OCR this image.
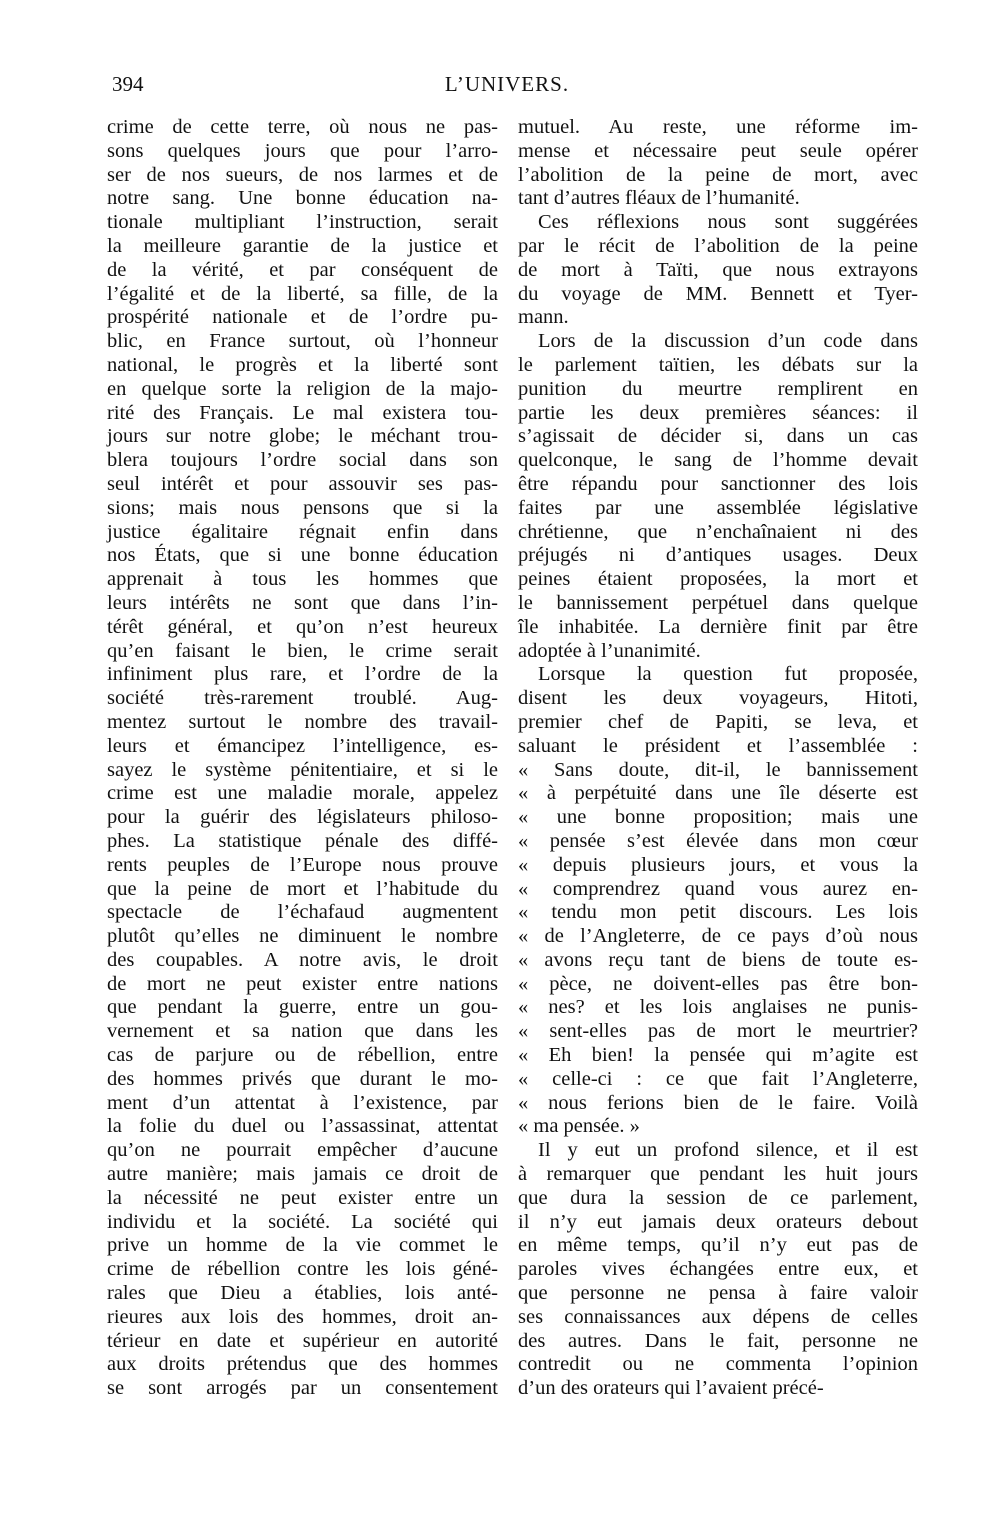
394	L’UNIVERS.
crime de cette terre, où nous ne pas-
sons quelques jours que pour l’arro-
ser de nos sueurs, de nos larmes et de
notre sang. Une bonne éducation na-
tionale multipliant l’instruction, serait
la meilleure garantie de la justice et
de la vérité, et par conséquent de
l’égalité et de la liberté, sa fille, de la
prospérité nationale et de l’ordre pu-
blic, en France surtout, où l’honneur
national, le progrès et la liberté sont
en quelque sorte la religion de la majo-
rité des Français. Le mal existera tou-
jours sur notre globe; le méchant trou-
blera toujours l’ordre social dans son
seul intérêt et pour assouvir ses pas-
sions; mais nous pensons que si la
justice égalitaire régnait enfin dans
nos États, que si une bonne éducation
apprenait à tous les hommes que
leurs intérêts ne sont que dans l’in-
térêt général, et qu’on n’est heureux
qu’en faisant le bien, le crime serait
infiniment plus rare, et l’ordre de la
société très-rarement troublé. Aug-
mentez surtout le nombre des travail-
leurs et émancipez l’intelligence, es-
sayez le système pénitentiaire, et si le
crime est une maladie morale, appelez
pour la guérir des législateurs philoso-
phes. La statistique pénale des diffé-
rents peuples de l’Europe nous prouve
que la peine de mort et l’habitude du
spectacle de l’échafaud augmentent
plutôt qu’elles ne diminuent le nombre
des coupables. A notre avis, le droit
de mort ne peut exister entre nations
que pendant la guerre, entre un gou-
vernement et sa nation que dans les
cas de parjure ou de rébellion, entre
des hommes privés que durant le mo-
ment d’un attentat à l’existence, par
la folie du duel ou l’assassinat, attentat
qu’on ne pourrait empêcher d’aucune
autre manière; mais jamais ce droit de
la nécessité ne peut exister entre un
individu et la société. La société qui
prive un homme de la vie commet le
crime de rébellion contre les lois géné-
rales que Dieu a établies, lois anté-
rieures aux lois des hommes, droit an-
térieur en date et supérieur en autorité
aux droits prétendus que des hommes
se sont arrogés par un consentement
mutuel. Au reste, une réforme im-
mense et nécessaire peut seule opérer
l’abolition de la peine de mort, avec
tant d’autres fléaux de l’humanité.
Ces réflexions nous sont suggérées
par le récit de l’abolition de la peine
de mort à Taïti, que nous extrayons
du voyage de MM. Bennett et Tyer-
mann.
Lors de la discussion d’un code dans
le parlement taïtien, les débats sur la
punition du meurtre remplirent en
partie les deux premières séances: il
s’agissait de décider si, dans un cas
quelconque, le sang de l’homme devait
être répandu pour sanctionner des lois
faites par une assemblée législative
chrétienne, que n’enchaînaient ni des
préjugés ni d’antiques usages. Deux
peines étaient proposées, la mort et
le bannissement perpétuel dans quelque
île inhabitée. La dernière finit par être
adoptée à l’unanimité.
Lorsque la question fut proposée,
disent les deux voyageurs, Hitoti,
premier chef de Papiti, se leva, et
saluant le président et l’assemblée :
« Sans doute, dit-il, le bannissement
« à perpétuité dans une île déserte est
« une bonne proposition; mais une
« pensée s’est élevée dans mon cœur
« depuis plusieurs jours, et vous la
« comprendrez quand vous aurez en-
« tendu mon petit discours. Les lois
« de l’Angleterre, de ce pays d’où nous
« avons reçu tant de biens de toute es-
« pèce, ne doivent-elles pas être bon-
« nes? et les lois anglaises ne punis-
« sent-elles pas de mort le meurtrier?
« Eh bien! la pensée qui m’agite est
« celle-ci : ce que fait l’Angleterre,
« nous ferions bien de le faire. Voilà
« ma pensée. »
Il y eut un profond silence, et il est
à remarquer que pendant les huit jours
que dura la session de ce parlement,
il n’y eut jamais deux orateurs debout
en même temps, qu’il n’y eut pas de
paroles vives échangées entre eux, et
que personne ne pensa à faire valoir
ses connaissances aux dépens de celles
des autres. Dans le fait, personne ne
contredit ou ne commenta l’opinion
d’un des orateurs qui l’avaient précé-
